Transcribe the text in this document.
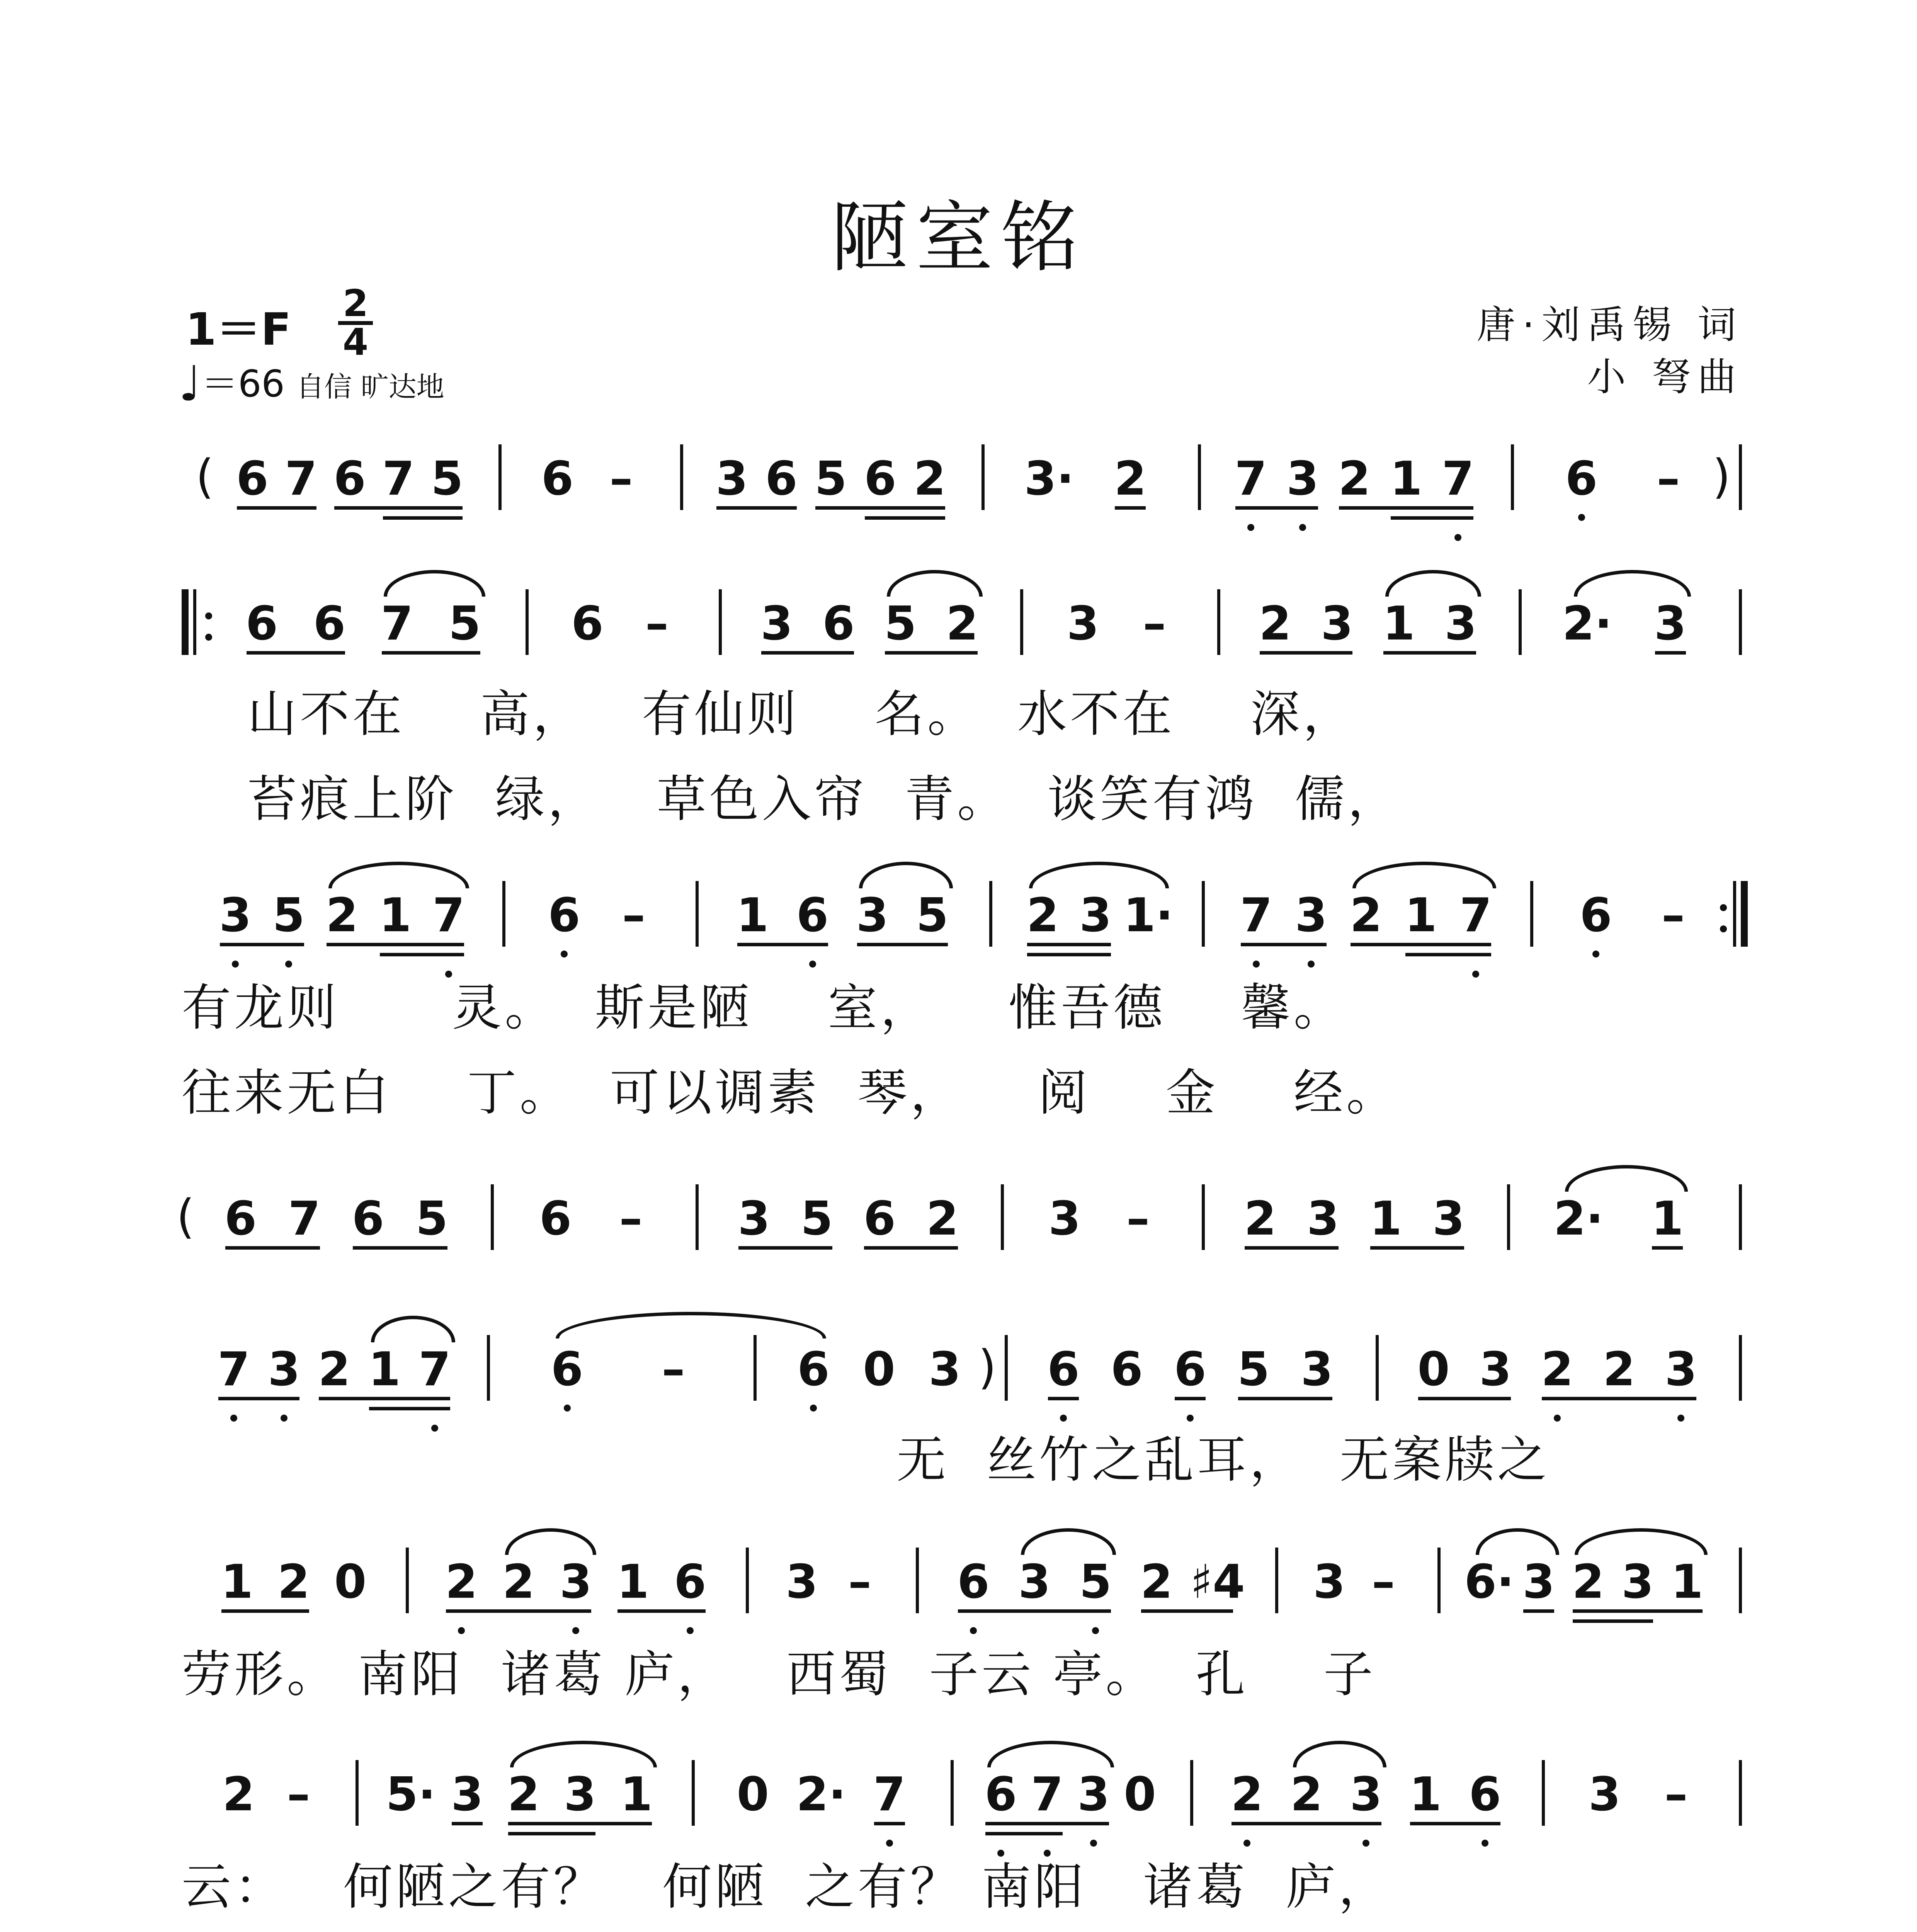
陋室铭
1＝F 2
4
♩＝66 自信 旷达地
唐·刘禹锡 词
小 弩曲
( 6 7 6 7 5 6 – 3 6 5 6 2 3· 2 7 3 2 1 7 6 – )
6 6 7 5 6 – 3 6 5 2 3 – 2 3 1 3 2· 3
3 5 2 1 7 6 – 1 6 3 5 2 3 1· 7 3 2 1 7 6 –
( 6 7 6 5 6 – 3 5 6 2 3 – 2 3 1 3 2· 1
7 3 2 1 7 6 – 6 0 3 ) 6 6 6 5 3 0 3 2 2 3
1 2 0 2 2 3 1 6 3 – 6 3 5 2 ♯4 3 – 6· 3 2 3 1
2 – 5· 3 2 3 1 0 2· 7 6 7 3 0 2 2 3 1 6 3 –
山不在    高，   有仙则    名。  水不在    深，
苔痕上阶  绿，   草色入帘  青。  谈笑有鸿  儒，
有龙则      灵。  斯是陋    室，    惟吾德    馨。
往来无白    丁。  可以调素  琴，    阅    金    经。
无  丝竹之乱耳，  无案牍之
劳形。 南阳  诸葛 庐，   西蜀  子云 亭。  孔    子
云：   何陋之有？   何陋  之有？ 南阳   诸葛  庐，
